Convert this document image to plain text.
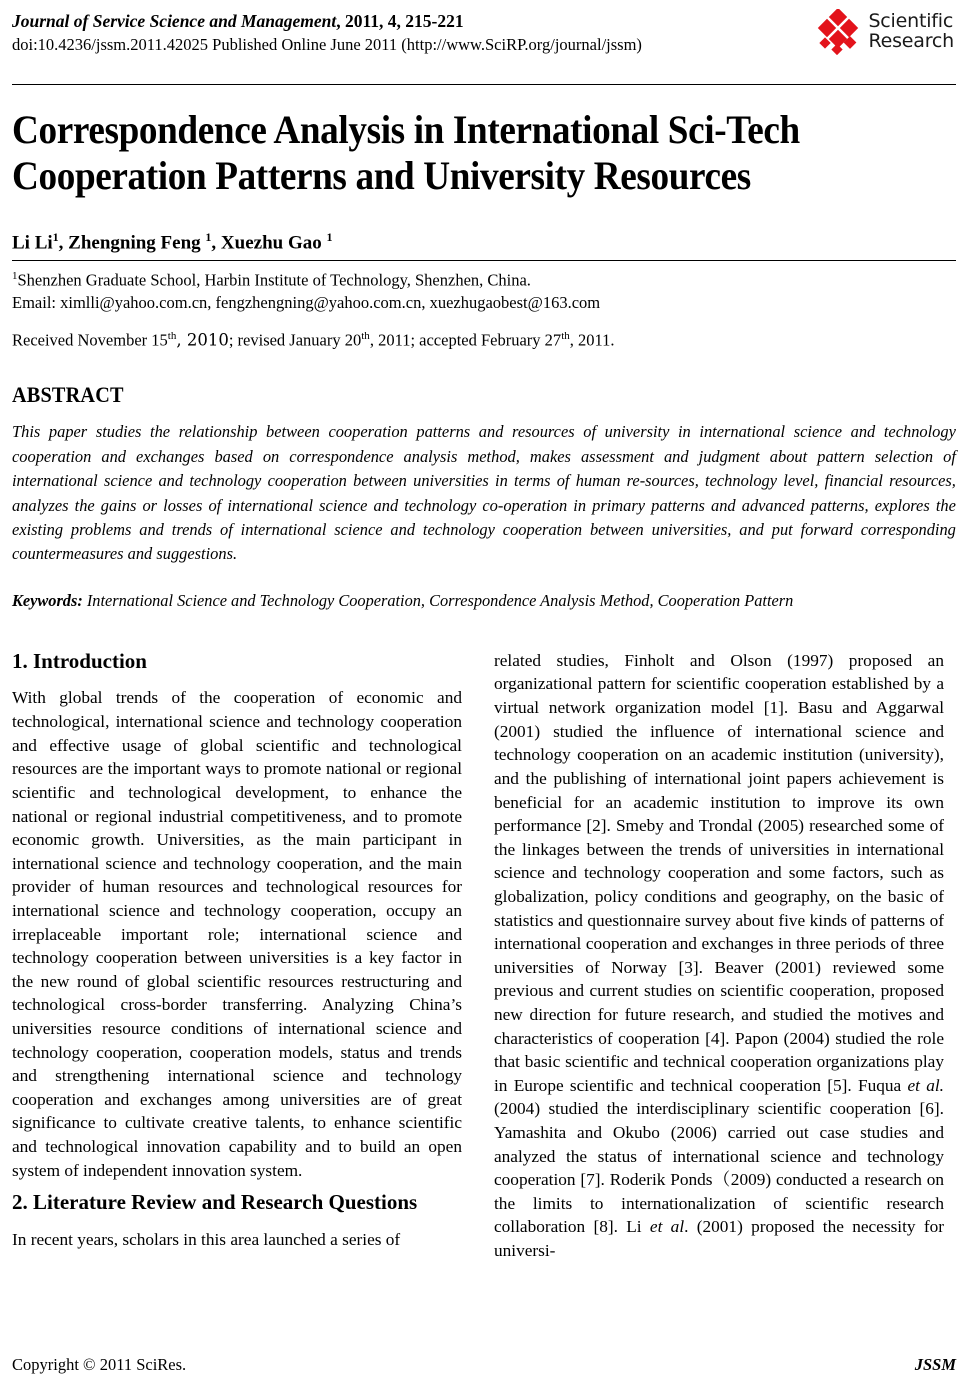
Journal of Service Science and Management, 2011, 4, 215-221
doi:10.4236/jssm.2011.42025 Published Online June 2011 (http://www.SciRP.org/journal/jssm)
Scientific
Research
Correspondence Analysis in International Sci-Tech Cooperation Patterns and University Resources
Li Li$^1$, Zhengning Feng $^1$, Xuezhu Gao $^1$
$^1$Shenzhen Graduate School, Harbin Institute of Technology, Shenzhen, China.
Email: ximlli@yahoo.com.cn, fengzhengning@yahoo.com.cn, xuezhugaobest@163.com
Received November 15th, 2010; revised January 20th, 2011; accepted February 27th, 2011.
ABSTRACT
This paper studies the relationship between cooperation patterns and resources of university in international science and technology cooperation and exchanges based on correspondence analysis method, makes assessment and judgment about pattern selection of international science and technology cooperation between universities in terms of human re-sources, technology level, financial resources, analyzes the gains or losses of international science and technology co-operation in primary patterns and advanced patterns, explores the existing problems and trends of international science and technology cooperation between universities, and put forward corresponding countermeasures and suggestions.
Keywords: International Science and Technology Cooperation, Correspondence Analysis Method, Cooperation Pattern
1. Introduction

With global trends of the cooperation of economic and technological, international science and technology cooperation and effective usage of global scientific and technological resources are the important ways to promote national or regional scientific and technological development, to enhance the national or regional industrial competitiveness, and to promote economic growth. Universities, as the main participant in international science and technology cooperation, and the main provider of human resources and technological resources for international science and technology cooperation, occupy an irreplaceable important role; international science and technology cooperation between universities is a key factor in the new round of global scientific resources restructuring and technological cross-border transferring. Analyzing China’s universities resource conditions of international science and technology cooperation, cooperation models, status and trends and strengthening international science and technology cooperation and exchanges among universities are of great significance to cultivate creative talents, to enhance scientific and technological innovation capability and to build an open system of independent innovation system.

2. Literature Review and Research Questions

In recent years, scholars in this area launched a series of

related studies, Finholt and Olson (1997) proposed an organizational pattern for scientific cooperation established by a virtual network organization model [1]. Basu and Aggarwal (2001) studied the influence of international science and technology cooperation on an academic institution (university), and the publishing of international joint papers achievement is beneficial for an academic institution to improve its own performance [2]. Smeby and Trondal (2005) researched some of the linkages between the trends of universities in international science and technology cooperation and some factors, such as globalization, policy conditions and geography, on the basic of statistics and questionnaire survey about five kinds of patterns of international cooperation and exchanges in three periods of three universities of Norway [3]. Beaver (2001) reviewed some previous and current studies on scientific cooperation, proposed new direction for future research, and studied the motives and characteristics of cooperation [4]. Papon (2004) studied the role that basic scientific and technical cooperation organizations play in Europe scientific and technical cooperation [5]. Fuqua et al. (2004) studied the interdisciplinary scientific cooperation [6]. Yamashita and Okubo (2006) carried out case studies and analyzed the status of international science and technology cooperation [7]. Roderik Ponds（2009) conducted a research on the limits to internationalization of scientific research collaboration [8]. Li et al. (2001) proposed the necessity for universi-

Copyright © 2011 SciRes.	JSSM
